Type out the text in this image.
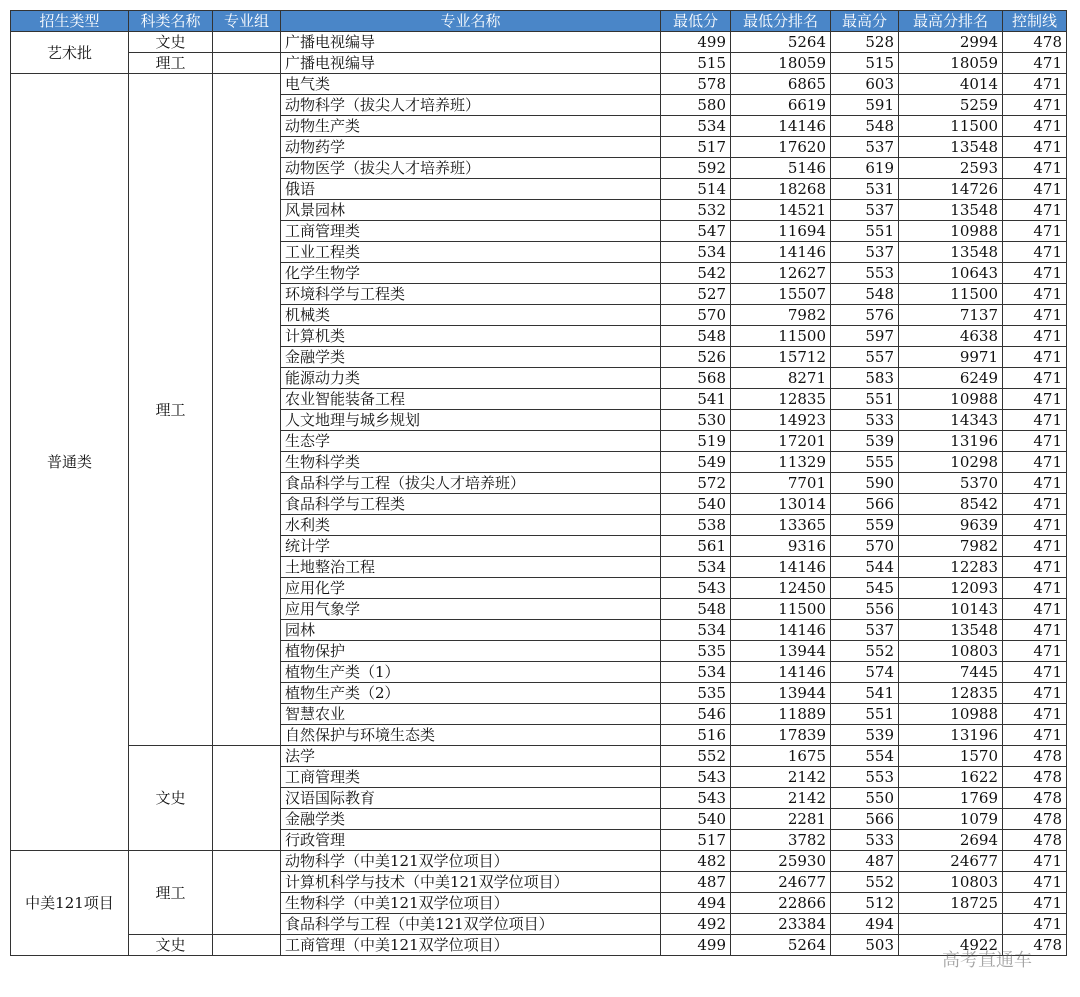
招生类型	科类名称	专业组	专业名称	最低分	最低分排名	最高分	最高分排名	控制线
艺术批	文史		广播电视编导	499	5264	528	2994	478
	理工		广播电视编导	515	18059	515	18059	471
普通类	理工		电气类	578	6865	603	4014	471
			动物科学（拔尖人才培养班）	580	6619	591	5259	471
			动物生产类	534	14146	548	11500	471
			动物药学	517	17620	537	13548	471
			动物医学（拔尖人才培养班）	592	5146	619	2593	471
			俄语	514	18268	531	14726	471
			风景园林	532	14521	537	13548	471
			工商管理类	547	11694	551	10988	471
			工业工程类	534	14146	537	13548	471
			化学生物学	542	12627	553	10643	471
			环境科学与工程类	527	15507	548	11500	471
			机械类	570	7982	576	7137	471
			计算机类	548	11500	597	4638	471
			金融学类	526	15712	557	9971	471
			能源动力类	568	8271	583	6249	471
			农业智能装备工程	541	12835	551	10988	471
			人文地理与城乡规划	530	14923	533	14343	471
			生态学	519	17201	539	13196	471
			生物科学类	549	11329	555	10298	471
			食品科学与工程（拔尖人才培养班）	572	7701	590	5370	471
			食品科学与工程类	540	13014	566	8542	471
			水利类	538	13365	559	9639	471
			统计学	561	9316	570	7982	471
			土地整治工程	534	14146	544	12283	471
			应用化学	543	12450	545	12093	471
			应用气象学	548	11500	556	10143	471
			园林	534	14146	537	13548	471
			植物保护	535	13944	552	10803	471
			植物生产类（1）	534	14146	574	7445	471
			植物生产类（2）	535	13944	541	12835	471
			智慧农业	546	11889	551	10988	471
			自然保护与环境生态类	516	17839	539	13196	471
	文史		法学	552	1675	554	1570	478
			工商管理类	543	2142	553	1622	478
			汉语国际教育	543	2142	550	1769	478
			金融学类	540	2281	566	1079	478
			行政管理	517	3782	533	2694	478
中美121项目	理工		动物科学（中美121双学位项目）	482	25930	487	24677	471
			计算机科学与技术（中美121双学位项目）	487	24677	552	10803	471
			生物科学（中美121双学位项目）	494	22866	512	18725	471
			食品科学与工程（中美121双学位项目）	492	23384	494		471
	文史		工商管理（中美121双学位项目）	499	5264	503	4922	478
高考直通车
